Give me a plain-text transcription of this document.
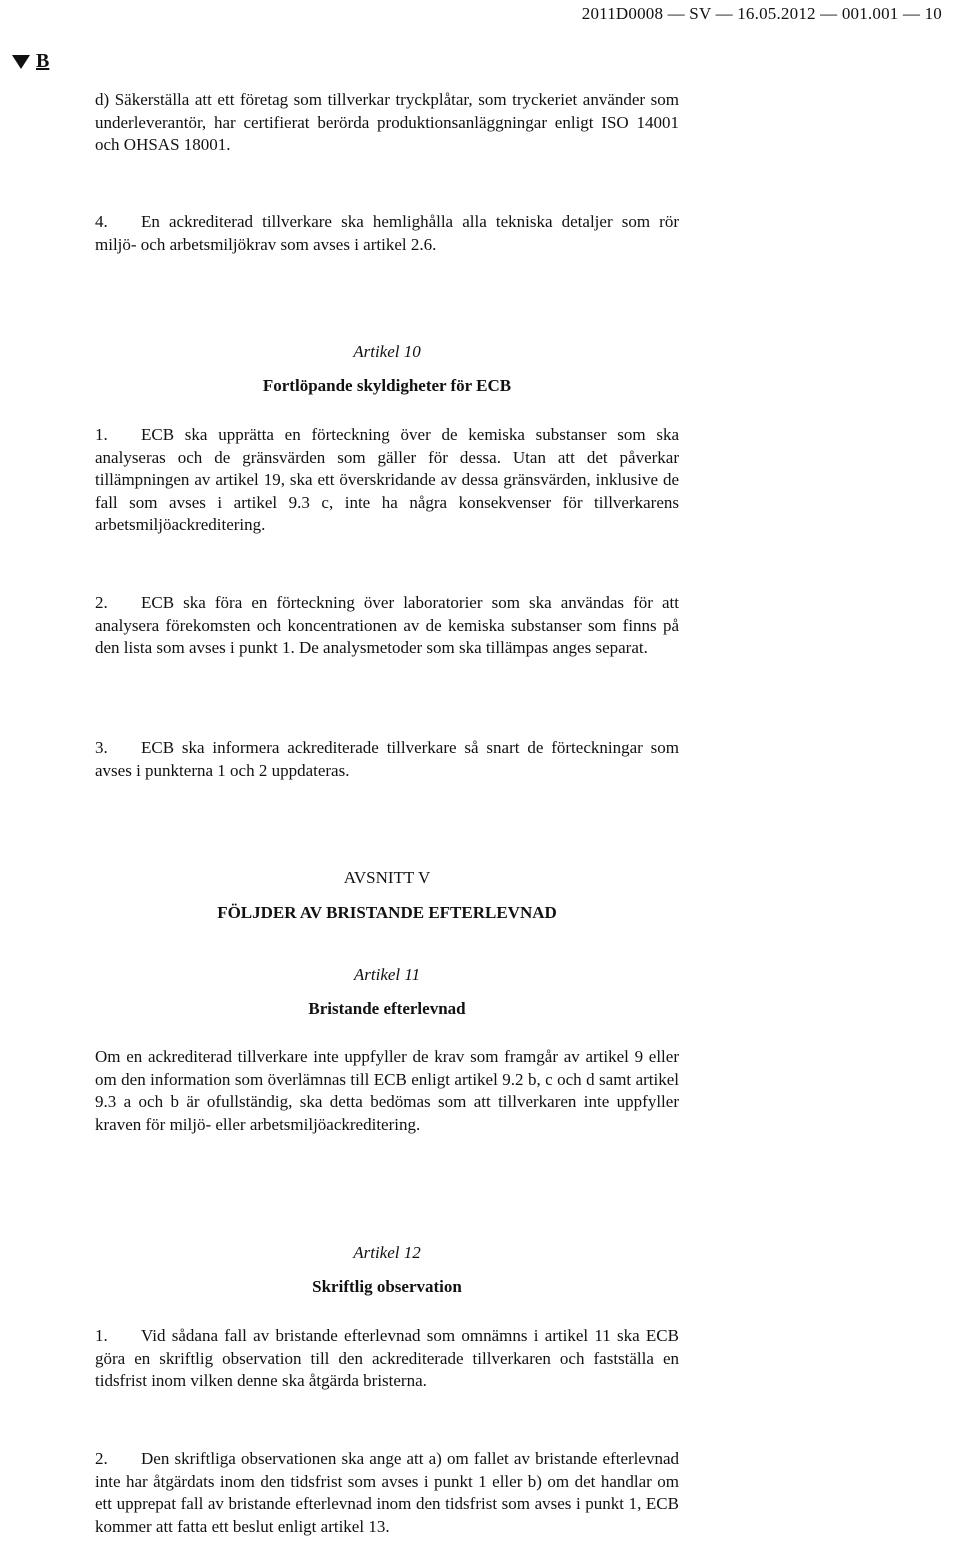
2011D0008 — SV — 16.05.2012 — 001.001 — 10
B

d) Säkerställa att ett företag som tillverkar tryckplåtar, som tryckeriet använder som underleverantör, har certifierat berörda produktionsanläggningar enligt ISO 14001 och OHSAS 18001.

4. En ackrediterad tillverkare ska hemlighålla alla tekniska detaljer som rör miljö- och arbetsmiljökrav som avses i artikel 2.6.

Artikel 10
Fortlöpande skyldigheter för ECB

1. ECB ska upprätta en förteckning över de kemiska substanser som ska analyseras och de gränsvärden som gäller för dessa. Utan att det påverkar tillämpningen av artikel 19, ska ett överskridande av dessa gränsvärden, inklusive de fall som avses i artikel 9.3 c, inte ha några konsekvenser för tillverkarens arbetsmiljöackreditering.

2. ECB ska föra en förteckning över laboratorier som ska användas för att analysera förekomsten och koncentrationen av de kemiska substanser som finns på den lista som avses i punkt 1. De analysmetoder som ska tillämpas anges separat.

3. ECB ska informera ackrediterade tillverkare så snart de förteckningar som avses i punkterna 1 och 2 uppdateras.

AVSNITT V
FÖLJDER AV BRISTANDE EFTERLEVNAD
Artikel 11
Bristande efterlevnad

Om en ackrediterad tillverkare inte uppfyller de krav som framgår av artikel 9 eller om den information som överlämnas till ECB enligt artikel 9.2 b, c och d samt artikel 9.3 a och b är ofullständig, ska detta bedömas som att tillverkaren inte uppfyller kraven för miljö- eller arbetsmiljöackreditering.

Artikel 12
Skriftlig observation

1. Vid sådana fall av bristande efterlevnad som omnämns i artikel 11 ska ECB göra en skriftlig observation till den ackrediterade tillverkaren och fastställa en tidsfrist inom vilken denne ska åtgärda bristerna.

2. Den skriftliga observationen ska ange att a) om fallet av bristande efterlevnad inte har åtgärdats inom den tidsfrist som avses i punkt 1 eller b) om det handlar om ett upprepat fall av bristande efterlevnad inom den tidsfrist som avses i punkt 1, ECB kommer att fatta ett beslut enligt artikel 13.
